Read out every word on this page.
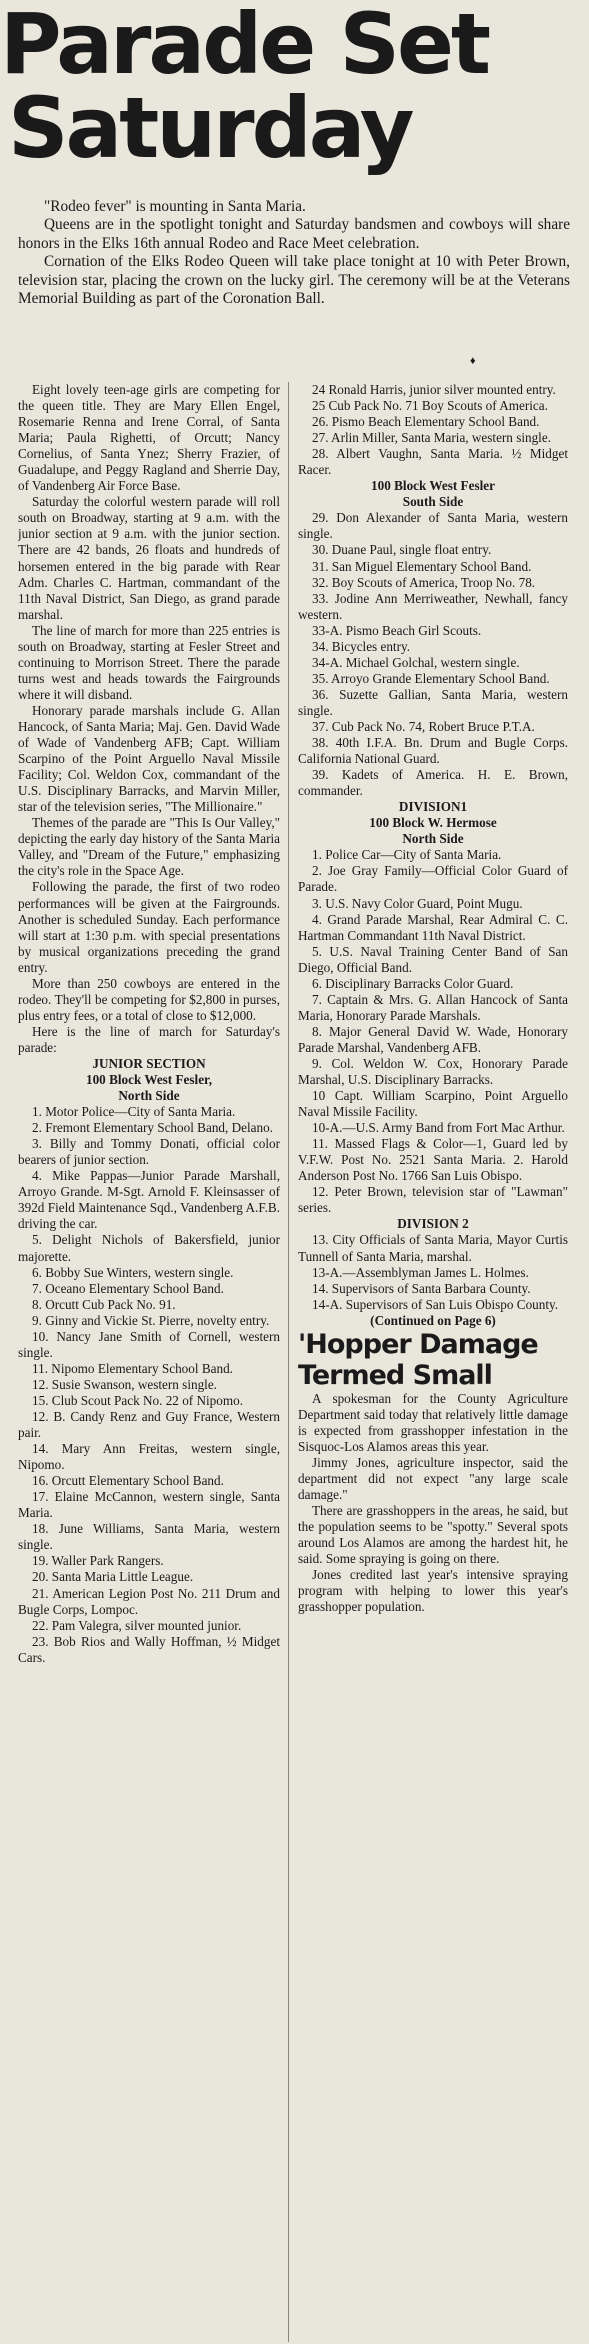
Parade Set
Saturday

"Rodeo fever" is mounting in Santa Maria.

Queens are in the spotlight tonight and Saturday bandsmen and cowboys will share honors in the Elks 16th annual Rodeo and Race Meet celebration.

Cornation of the Elks Rodeo Queen will take place tonight at 10 with Peter Brown, television star, placing the crown on the lucky girl. The ceremony will be at the Veterans Memorial Building as part of the Coronation Ball.

♦

Eight lovely teen-age girls are competing for the queen title. They are Mary Ellen Engel, Rosemarie Renna and Irene Corral, of Santa Maria; Paula Righetti, of Orcutt; Nancy Cornelius, of Santa Ynez; Sherry Frazier, of Guadalupe, and Peggy Ragland and Sherrie Day, of Vandenberg Air Force Base.

Saturday the colorful western parade will roll south on Broadway, starting at 9 a.m. with the junior section at 9 a.m. with the junior section. There are 42 bands, 26 floats and hundreds of horsemen entered in the big parade with Rear Adm. Charles C. Hartman, commandant of the 11th Naval District, San Diego, as grand parade marshal.

The line of march for more than 225 entries is south on Broadway, starting at Fesler Street and continuing to Morrison Street. There the parade turns west and heads towards the Fairgrounds where it will disband.

Honorary parade marshals include G. Allan Hancock, of Santa Maria; Maj. Gen. David Wade of Wade of Vandenberg AFB; Capt. William Scarpino of the Point Arguello Naval Missile Facility; Col. Weldon Cox, commandant of the U.S. Disciplinary Barracks, and Marvin Miller, star of the television series, "The Millionaire."

Themes of the parade are "This Is Our Valley," depicting the early day history of the Santa Maria Valley, and "Dream of the Future," emphasizing the city's role in the Space Age.

Following the parade, the first of two rodeo performances will be given at the Fairgrounds. Another is scheduled Sunday. Each performance will start at 1:30 p.m. with special presentations by musical organizations preceding the grand entry.

More than 250 cowboys are entered in the rodeo. They'll be competing for $2,800 in purses, plus entry fees, or a total of close to $12,000.

Here is the line of march for Saturday's parade:

JUNIOR SECTION

100 Block West Fesler,

North Side

1. Motor Police—City of Santa Maria.

2. Fremont Elementary School Band, Delano.

3. Billy and Tommy Donati, official color bearers of junior section.

4. Mike Pappas—Junior Parade Marshall, Arroyo Grande. M-Sgt. Arnold F. Kleinsasser of 392d Field Maintenance Sqd., Vandenberg A.F.B. driving the car.

5. Delight Nichols of Bakersfield, junior majorette.

6. Bobby Sue Winters, western single.

7. Oceano Elementary School Band.

8. Orcutt Cub Pack No. 91.

9. Ginny and Vickie St. Pierre, novelty entry.

10. Nancy Jane Smith of Cornell, western single.

11. Nipomo Elementary School Band.

12. Susie Swanson, western single.

15. Club Scout Pack No. 22 of Nipomo.

12. B. Candy Renz and Guy France, Western pair.

14. Mary Ann Freitas, western single, Nipomo.

16. Orcutt Elementary School Band.

17. Elaine McCannon, western single, Santa Maria.

18. June Williams, Santa Maria, western single.

19. Waller Park Rangers.

20. Santa Maria Little League.

21. American Legion Post No. 211 Drum and Bugle Corps, Lompoc.

22. Pam Valegra, silver mounted junior.

23. Bob Rios and Wally Hoffman, ½ Midget Cars.

24 Ronald Harris, junior silver mounted entry.

25 Cub Pack No. 71 Boy Scouts of America.

26. Pismo Beach Elementary School Band.

27. Arlin Miller, Santa Maria, western single.

28. Albert Vaughn, Santa Maria. ½ Midget Racer.

100 Block West Fesler

South Side

29. Don Alexander of Santa Maria, western single.

30. Duane Paul, single float entry.

31. San Miguel Elementary School Band.

32. Boy Scouts of America, Troop No. 78.

33. Jodine Ann Merriweather, Newhall, fancy western.

33-A. Pismo Beach Girl Scouts.

34. Bicycles entry.

34-A. Michael Golchal, western single.

35. Arroyo Grande Elementary School Band.

36. Suzette Gallian, Santa Maria, western single.

37. Cub Pack No. 74, Robert Bruce P.T.A.

38. 40th I.F.A. Bn. Drum and Bugle Corps. California National Guard.

39. Kadets of America. H. E. Brown, commander.

DIVISION1

100 Block W. Hermose

North Side

1. Police Car—City of Santa Maria.

2. Joe Gray Family—Official Color Guard of Parade.

3. U.S. Navy Color Guard, Point Mugu.

4. Grand Parade Marshal, Rear Admiral C. C. Hartman Commandant 11th Naval District.

5. U.S. Naval Training Center Band of San Diego, Official Band.

6. Disciplinary Barracks Color Guard.

7. Captain & Mrs. G. Allan Hancock of Santa Maria, Honorary Parade Marshals.

8. Major General David W. Wade, Honorary Parade Marshal, Vandenberg AFB.

9. Col. Weldon W. Cox, Honorary Parade Marshal, U.S. Disciplinary Barracks.

10 Capt. William Scarpino, Point Arguello Naval Missile Facility.

10-A.—U.S. Army Band from Fort Mac Arthur.

11. Massed Flags & Color—1, Guard led by V.F.W. Post No. 2521 Santa Maria. 2. Harold Anderson Post No. 1766 San Luis Obispo.

12. Peter Brown, television star of "Lawman" series.

DIVISION 2

13. City Officials of Santa Maria, Mayor Curtis Tunnell of Santa Maria, marshal.

13-A.—Assemblyman James L. Holmes.

14. Supervisors of Santa Barbara County.

14-A. Supervisors of San Luis Obispo County.

(Continued on Page 6)

'Hopper Damage Termed Small

A spokesman for the County Agriculture Department said today that relatively little damage is expected from grasshopper infestation in the Sisquoc-Los Alamos areas this year.

Jimmy Jones, agriculture inspector, said the department did not expect "any large scale damage."

There are grasshoppers in the areas, he said, but the population seems to be "spotty." Several spots around Los Alamos are among the hardest hit, he said. Some spraying is going on there.

Jones credited last year's intensive spraying program with helping to lower this year's grasshopper population.
